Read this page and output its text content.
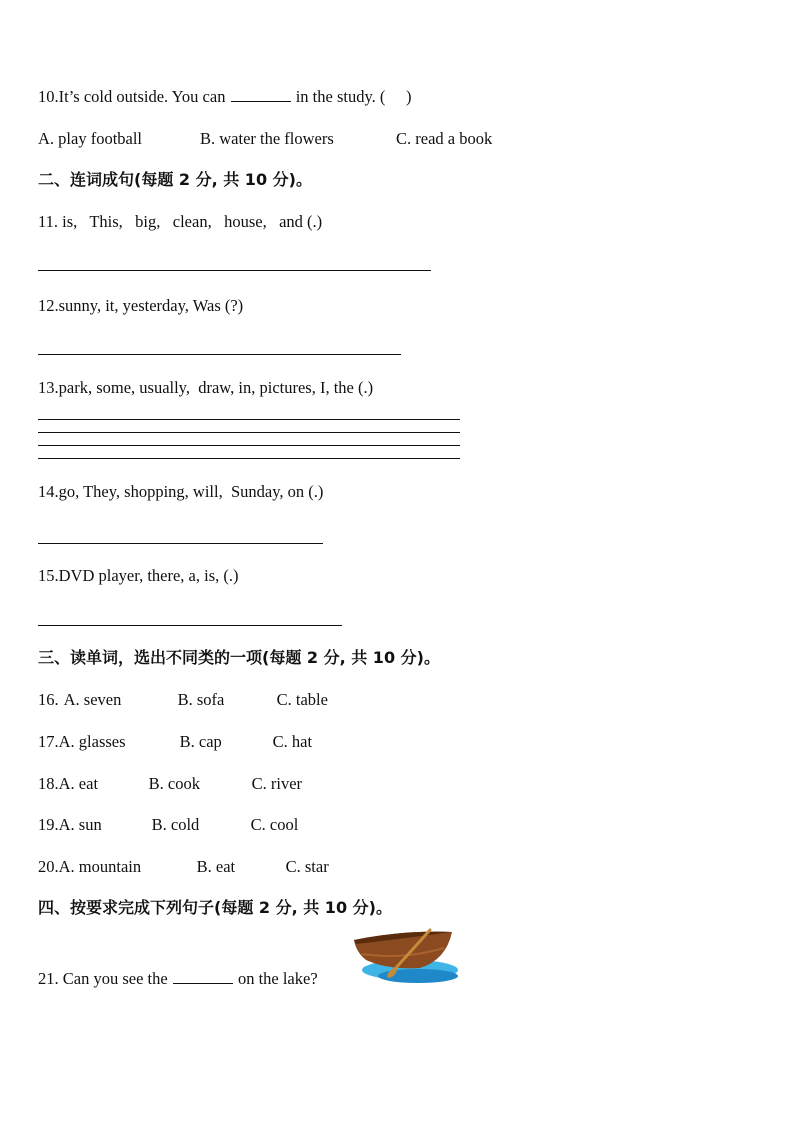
10.It’s cold outside. You can	in the study. (     )
A. play football	B. water the flowers	C. read a book
二、连词成句(每题 2 分, 共 10 分)。
11. is,   This,   big,   clean,   house,   and (.)
12.sunny, it, yesterday, Was (?)
13.park, some, usually,  draw, in, pictures, I, the (.)
14.go, They, shopping, will,  Sunday, on (.)
15.DVD player, there, a, is, (.)
三、读单词，选出不同类的一项(每题 2 分, 共 10 分)。
16. A. seven	B. sofa	C. table
17.A. glasses	B. cap	C. hat
18.A. eat	B. cook	C. river
19.A. sun	B. cold	C. cool
20.A. mountain	B. eat	C. star
四、按要求完成下列句子(每题 2 分, 共 10 分)。
21. Can you see the	on the lake?
